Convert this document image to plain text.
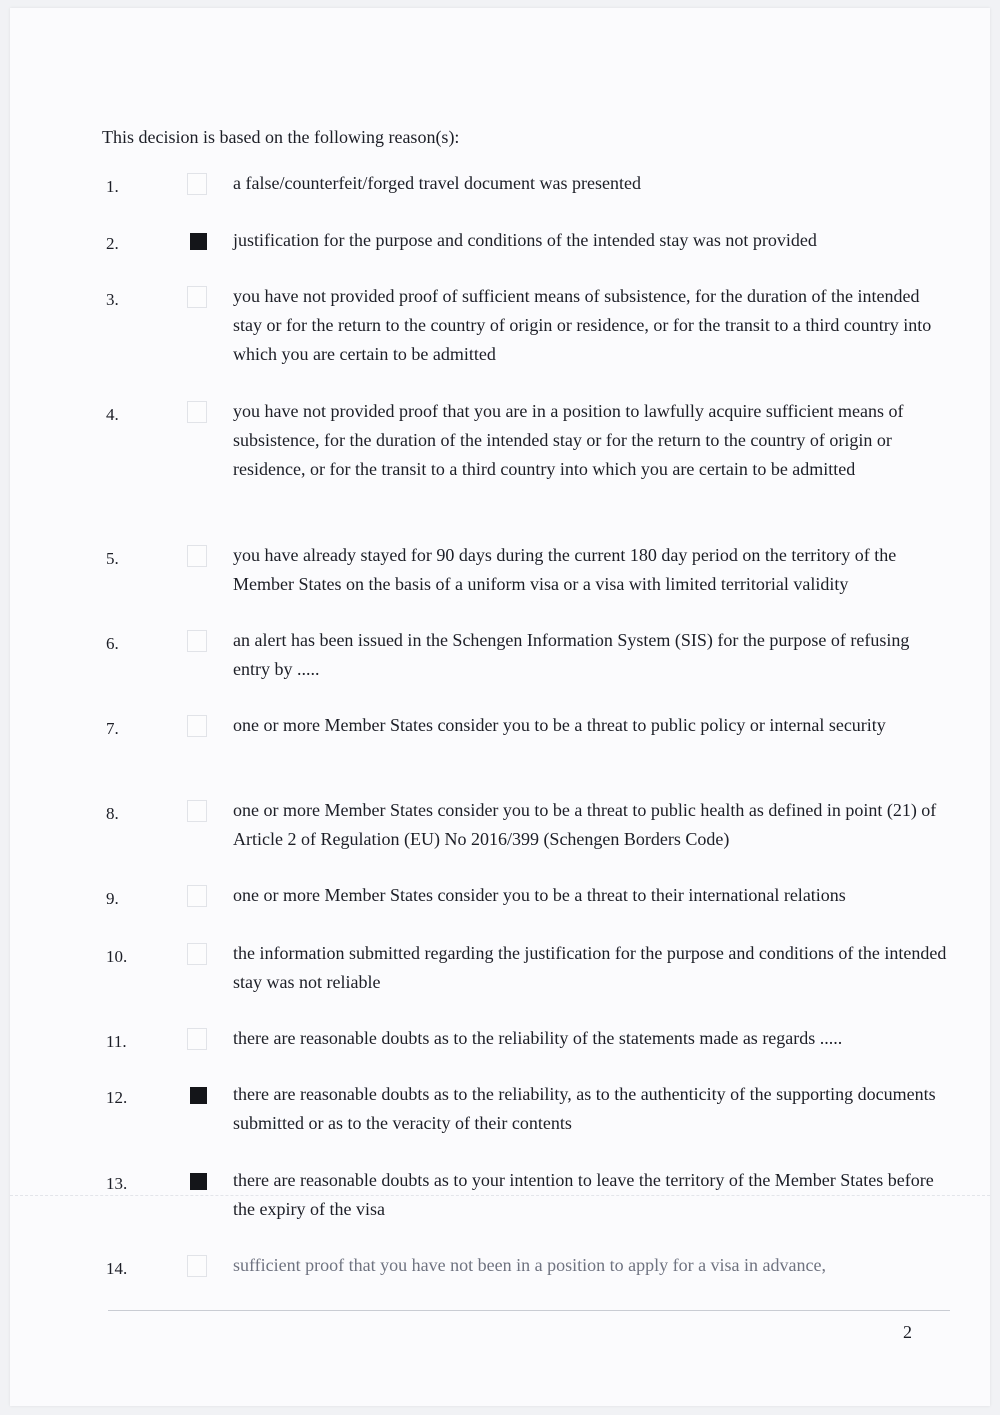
This decision is based on the following reason(s):
1.	a false/counterfeit/forged travel document was presented
2.	justification for the purpose and conditions of the intended stay was not provided
3.	you have not provided proof of sufficient means of subsistence, for the duration of the intended stay or for the return to the country of origin or residence, or for the transit to a third country into which you are certain to be admitted
4.	you have not provided proof that you are in a position to lawfully acquire sufficient means of subsistence, for the duration of the intended stay or for the return to the country of origin or residence, or for the transit to a third country into which you are certain to be admitted
5.	you have already stayed for 90 days during the current 180 day period on the territory of the Member States on the basis of a uniform visa or a visa with limited territorial validity
6.	an alert has been issued in the Schengen Information System (SIS) for the purpose of refusing entry by .....
7.	one or more Member States consider you to be a threat to public policy or internal security
8.	one or more Member States consider you to be a threat to public health as defined in point (21) of Article 2 of Regulation (EU) No 2016/399 (Schengen Borders Code)
9.	one or more Member States consider you to be a threat to their international relations
10.	the information submitted regarding the justification for the purpose and conditions of the intended stay was not reliable
11.	there are reasonable doubts as to the reliability of the statements made as regards .....
12.	there are reasonable doubts as to the reliability, as to the authenticity of the supporting documents submitted or as to the veracity of their contents
13.	there are reasonable doubts as to your intention to leave the territory of the Member States before the expiry of the visa
14.	sufficient proof that you have not been in a position to apply for a visa in advance,
2
